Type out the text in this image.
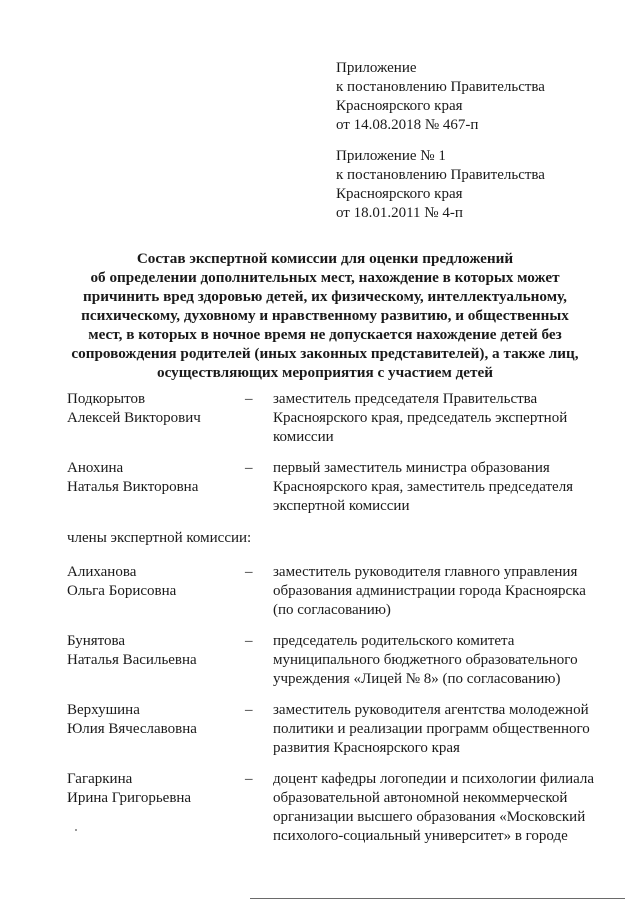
Приложение
к постановлению Правительства
Красноярского края
от 14.08.2018 № 467-п
Приложение № 1
к постановлению Правительства
Красноярского края
от 18.01.2011 № 4-п
Состав экспертной комиссии для оценки предложений
об определении дополнительных мест, нахождение в которых может
причинить вред здоровью детей, их физическому, интеллектуальному,
психическому, духовному и нравственному развитию, и общественных
мест, в которых в ночное время не допускается нахождение детей без
сопровождения родителей (иных законных представителей), а также лиц,
осуществляющих мероприятия с участием детей
Подкорытов
Алексей Викторович
– заместитель председателя Правительства
Красноярского края, председатель экспертной
комиссии
Анохина
Наталья Викторовна
– первый заместитель министра образования
Красноярского края, заместитель председателя
экспертной комиссии
члены экспертной комиссии:
Алиханова
Ольга Борисовна
– заместитель руководителя главного управления
образования администрации города Красноярска
(по согласованию)
Бунятова
Наталья Васильевна
– председатель родительского комитета
муниципального бюджетного образовательного
учреждения «Лицей № 8» (по согласованию)
Верхушина
Юлия Вячеславовна
– заместитель руководителя агентства молодежной
политики и реализации программ общественного
развития Красноярского края
Гагаркина
Ирина Григорьевна
– доцент кафедры логопедии и психологии филиала
образовательной автономной некоммерческой
организации высшего образования «Московский
психолого-социальный университет» в городе
